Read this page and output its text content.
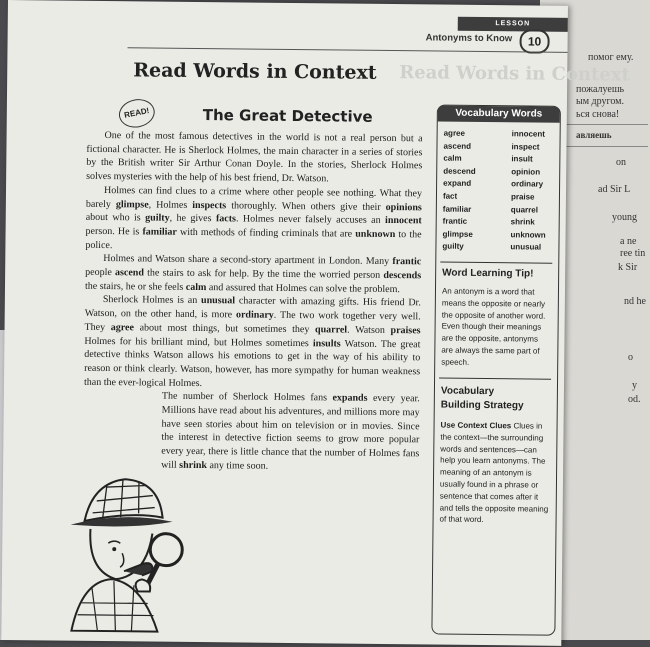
помог ему.
пожалуешь
ым другом.
ься снова!
авляешь
on
ad Sir L
young
a ne
ree tin
k Sir
nd he
o
y
od.
LESSON
Antonyms to Know	10
Read Words in Context Read Words in Context
READ!	The Great Detective

One of the most famous detectives in the world is not a real person but a fictional character. He is Sherlock Holmes, the main character in a series of stories by the British writer Sir Arthur Conan Doyle. In the stories, Sherlock Holmes solves mysteries with the help of his best friend, Dr. Watson.

Holmes can find clues to a crime where other people see nothing. What they barely glimpse, Holmes inspects thoroughly. When others give their opinions about who is guilty, he gives facts. Holmes never falsely accuses an innocent person. He is familiar with methods of finding criminals that are unknown to the police.

Holmes and Watson share a second-story apartment in London. Many frantic people ascend the stairs to ask for help. By the time the worried person descends the stairs, he or she feels calm and assured that Holmes can solve the problem.

Sherlock Holmes is an unusual character with amazing gifts. His friend Dr. Watson, on the other hand, is more ordinary. The two work together very well. They agree about most things, but sometimes they quarrel. Watson praises Holmes for his brilliant mind, but Holmes sometimes insults Watson. The great detective thinks Watson allows his emotions to get in the way of his ability to reason or think clearly. Watson, however, has more sympathy for human weakness than the ever-logical Holmes.

The number of Sherlock Holmes fans expands every year. Millions have read about his adventures, and millions more may have seen stories about him on television or in movies. Since the interest in detective fiction seems to grow more popular every year, there is little chance that the number of Holmes fans will shrink any time soon.

Vocabulary Words
agree
ascend
calm
descend
expand
fact
familiar
frantic
glimpse
guilty
innocent
inspect
insult
opinion
ordinary
praise
quarrel
shrink
unknown
unusual
Word Learning Tip!
An antonym is a word that means the opposite or nearly the opposite of another word. Even though their meanings are the opposite, antonyms are always the same part of speech.
Vocabulary
Building Strategy
Use Context Clues Clues in the context—the surrounding words and sentences—can help you learn antonyms. The meaning of an antonym is usually found in a phrase or sentence that comes after it and tells the opposite meaning of that word.
